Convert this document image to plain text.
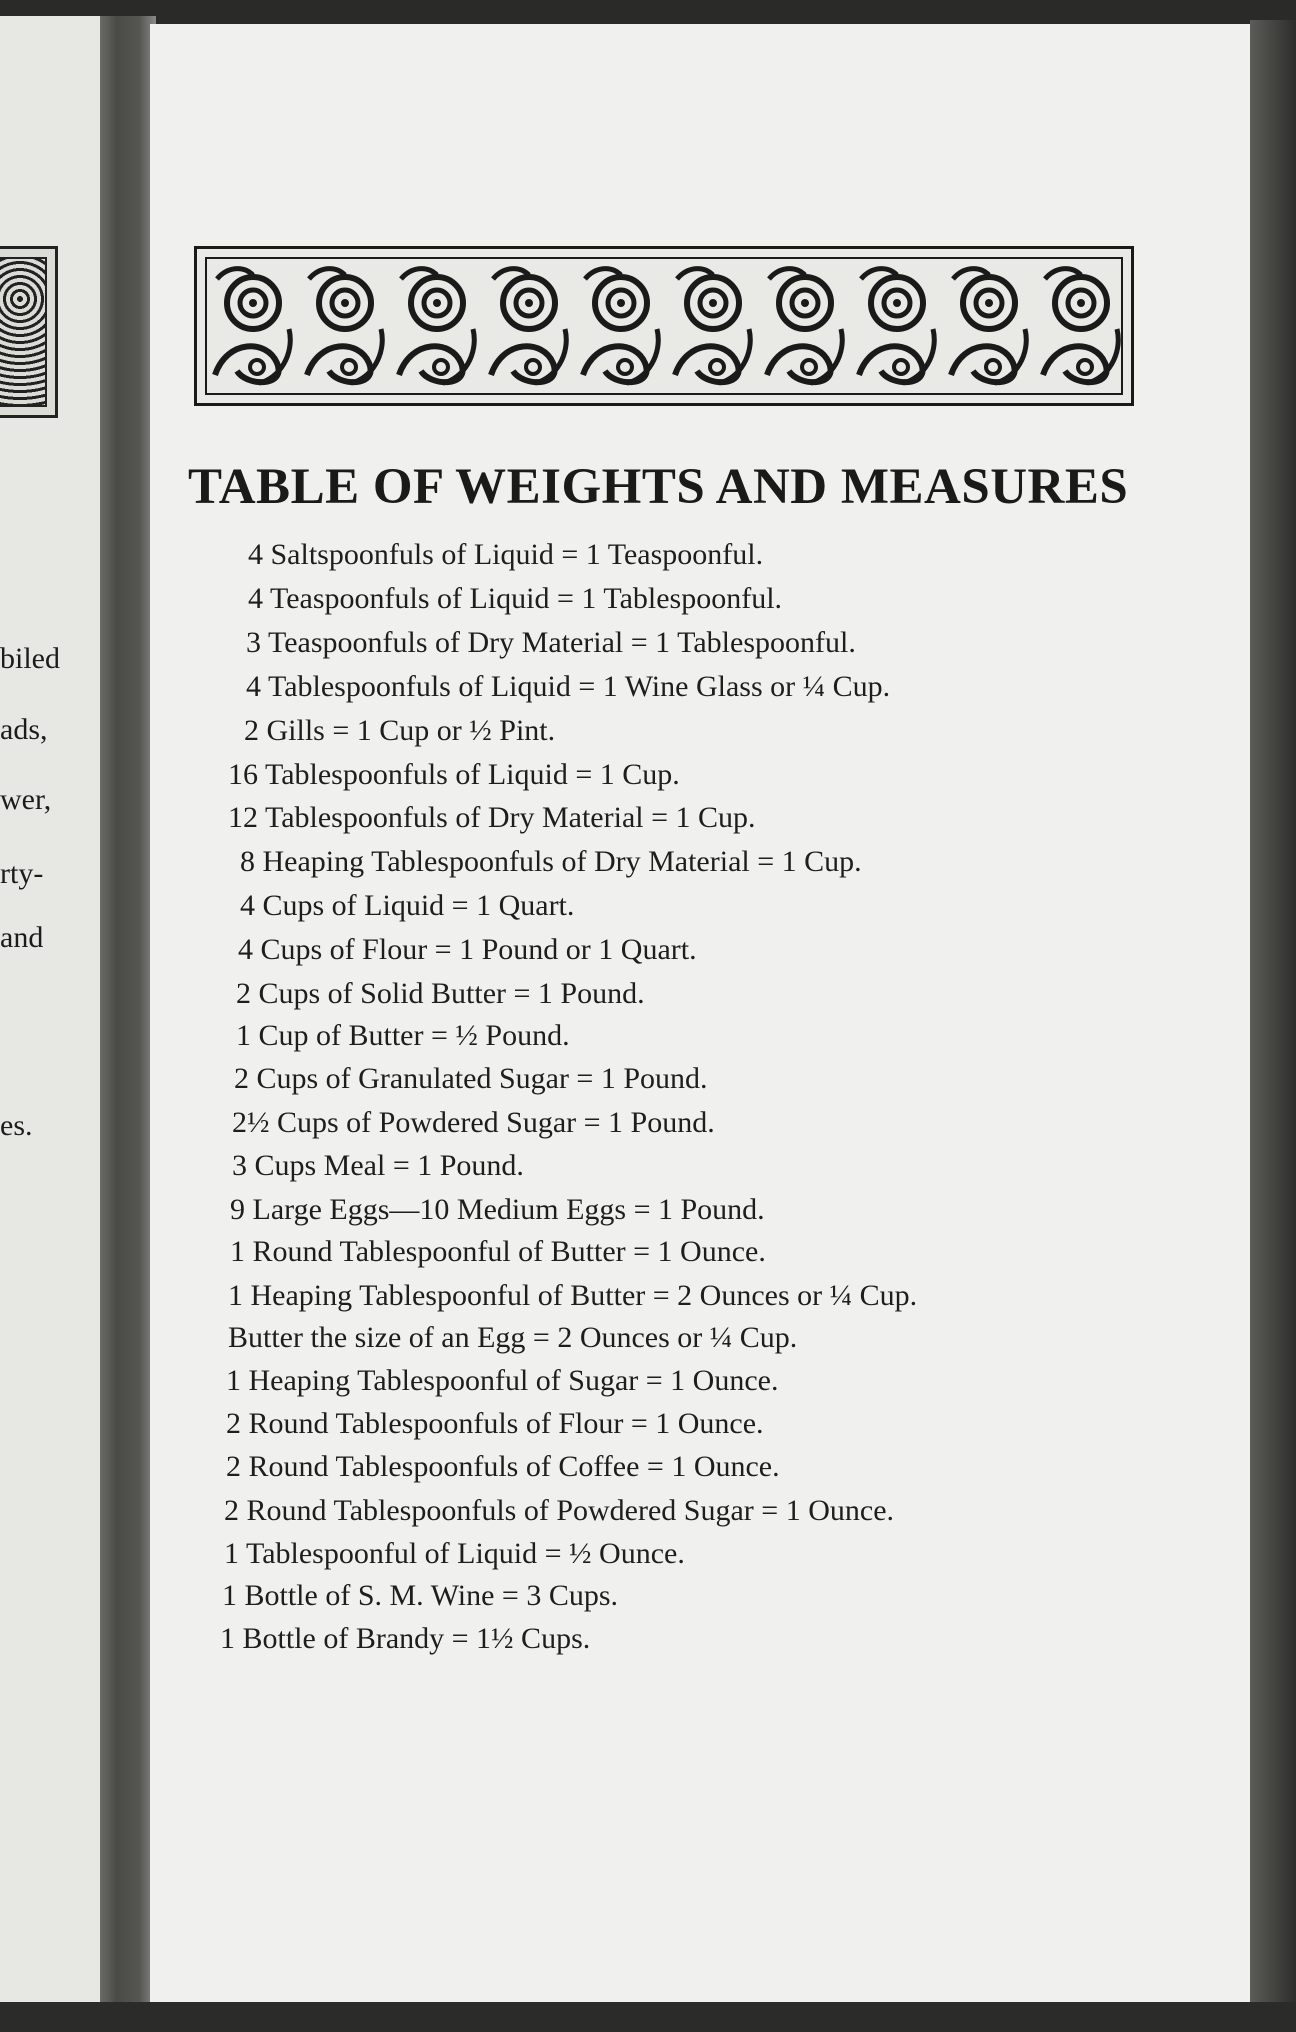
biled
ads,
wer,
rty-
and
es.
TABLE OF WEIGHTS AND MEASURES
4 Saltspoonfuls of Liquid = 1 Teaspoonful.
4 Teaspoonfuls of Liquid = 1 Tablespoonful.
3 Teaspoonfuls of Dry Material = 1 Tablespoonful.
4 Tablespoonfuls of Liquid = 1 Wine Glass or ¼ Cup.
2 Gills = 1 Cup or ½ Pint.
16 Tablespoonfuls of Liquid = 1 Cup.
12 Tablespoonfuls of Dry Material = 1 Cup.
8 Heaping Tablespoonfuls of Dry Material = 1 Cup.
4 Cups of Liquid = 1 Quart.
4 Cups of Flour = 1 Pound or 1 Quart.
2 Cups of Solid Butter = 1 Pound.
1 Cup of Butter = ½ Pound.
2 Cups of Granulated Sugar = 1 Pound.
2½ Cups of Powdered Sugar = 1 Pound.
3 Cups Meal = 1 Pound.
9 Large Eggs—10 Medium Eggs = 1 Pound.
1 Round Tablespoonful of Butter = 1 Ounce.
1 Heaping Tablespoonful of Butter = 2 Ounces or ¼ Cup.
Butter the size of an Egg = 2 Ounces or ¼ Cup.
1 Heaping Tablespoonful of Sugar = 1 Ounce.
2 Round Tablespoonfuls of Flour = 1 Ounce.
2 Round Tablespoonfuls of Coffee = 1 Ounce.
2 Round Tablespoonfuls of Powdered Sugar = 1 Ounce.
1 Tablespoonful of Liquid = ½ Ounce.
1 Bottle of S. M. Wine = 3 Cups.
1 Bottle of Brandy = 1½ Cups.
